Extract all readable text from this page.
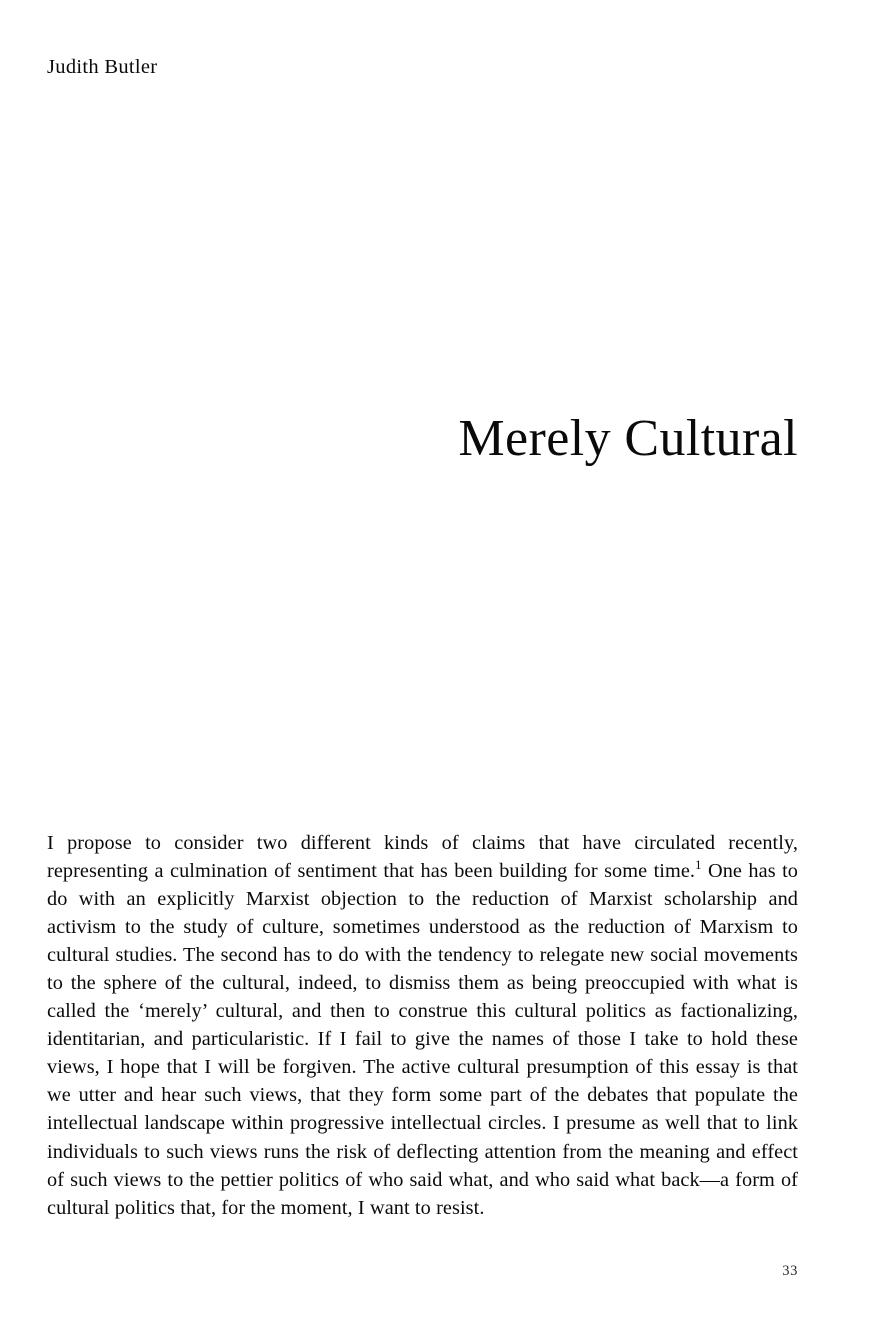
Judith Butler
Merely Cultural

I propose to consider two different kinds of claims that have circulated recently, representing a culmination of sentiment that has been building for some time.$^1$ One has to do with an explicitly Marxist objection to the reduction of Marxist scholarship and activism to the study of culture, sometimes understood as the reduction of Marxism to cultural studies. The second has to do with the tendency to relegate new social movements to the sphere of the cultural, indeed, to dismiss them as being preoccupied with what is called the ‘merely’ cultural, and then to construe this cultural politics as factionalizing, identitarian, and particularistic. If I fail to give the names of those I take to hold these views, I hope that I will be forgiven. The active cultural presumption of this essay is that we utter and hear such views, that they form some part of the debates that populate the intellectual landscape within progressive intellectual circles. I presume as well that to link individuals to such views runs the risk of deflecting attention from the meaning and effect of such views to the pettier politics of who said what, and who said what back—a form of cultural politics that, for the moment, I want to resist.

33
